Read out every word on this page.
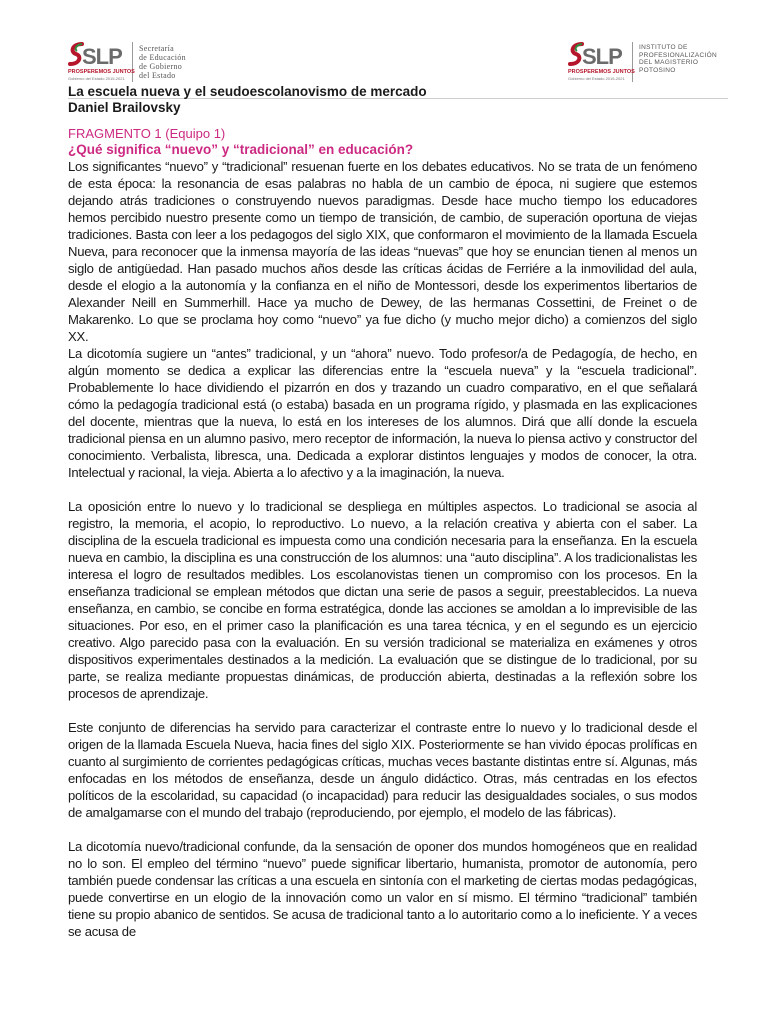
SLP
PROSPEREMOS JUNTOS
Gobierno del Estado 2015-2021
Secretaría
de Educación
de Gobierno
del Estado
SLP
PROSPEREMOS JUNTOS
Gobierno del Estado 2015-2021
INSTITUTO DE
PROFESIONALIZACIÓN
DEL MAGISTERIO
POTOSINO
La escuela nueva y el seudoescolanovismo de mercado
Daniel Brailovsky
FRAGMENTO 1 (Equipo 1)
¿Qué significa “nuevo” y “tradicional” en educación?

Los significantes “nuevo” y “tradicional” resuenan fuerte en los debates educativos. No se trata de un fenómeno de esta época: la resonancia de esas palabras no habla de un cambio de época, ni sugiere que estemos dejando atrás tradiciones o construyendo nuevos paradigmas. Desde hace mucho tiempo los educadores hemos percibido nuestro presente como un tiempo de transición, de cambio, de superación oportuna de viejas tradiciones. Basta con leer a los pedagogos del siglo XIX, que conformaron el movimiento de la llamada Escuela Nueva, para reconocer que la inmensa mayoría de las ideas “nuevas” que hoy se enuncian tienen al menos un siglo de antigüedad. Han pasado muchos años desde las críticas ácidas de Ferriére a la inmovilidad del aula, desde el elogio a la autonomía y la confianza en el niño de Montessori, desde los experimentos libertarios de Alexander Neill en Summerhill. Hace ya mucho de Dewey, de las hermanas Cossettini, de Freinet o de Makarenko. Lo que se proclama hoy como “nuevo” ya fue dicho (y mucho mejor dicho) a comienzos del siglo XX.

La dicotomía sugiere un “antes” tradicional, y un “ahora” nuevo. Todo profesor/a de Pedagogía, de hecho, en algún momento se dedica a explicar las diferencias entre la “escuela nueva” y la “escuela tradicional”. Probablemente lo hace dividiendo el pizarrón en dos y trazando un cuadro comparativo, en el que señalará cómo la pedagogía tradicional está (o estaba) basada en un programa rígido, y plasmada en las explicaciones del docente, mientras que la nueva, lo está en los intereses de los alumnos. Dirá que allí donde la escuela tradicional piensa en un alumno pasivo, mero receptor de información, la nueva lo piensa activo y constructor del conocimiento. Verbalista, libresca, una. Dedicada a explorar distintos lenguajes y modos de conocer, la otra. Intelectual y racional, la vieja. Abierta a lo afectivo y a la imaginación, la nueva.

La oposición entre lo nuevo y lo tradicional se despliega en múltiples aspectos. Lo tradicional se asocia al registro, la memoria, el acopio, lo reproductivo. Lo nuevo, a la relación creativa y abierta con el saber. La disciplina de la escuela tradicional es impuesta como una condición necesaria para la enseñanza. En la escuela nueva en cambio, la disciplina es una construcción de los alumnos: una “auto disciplina”. A los tradicionalistas les interesa el logro de resultados medibles. Los escolanovistas tienen un compromiso con los procesos. En la enseñanza tradicional se emplean métodos que dictan una serie de pasos a seguir, preestablecidos. La nueva enseñanza, en cambio, se concibe en forma estratégica, donde las acciones se amoldan a lo imprevisible de las situaciones. Por eso, en el primer caso la planificación es una tarea técnica, y en el segundo es un ejercicio creativo. Algo parecido pasa con la evaluación. En su versión tradicional se materializa en exámenes y otros dispositivos experimentales destinados a la medición. La evaluación que se distingue de lo tradicional, por su parte, se realiza mediante propuestas dinámicas, de producción abierta, destinadas a la reflexión sobre los procesos de aprendizaje.

Este conjunto de diferencias ha servido para caracterizar el contraste entre lo nuevo y lo tradicional desde el origen de la llamada Escuela Nueva, hacia fines del siglo XIX. Posteriormente se han vivido épocas prolíficas en cuanto al surgimiento de corrientes pedagógicas críticas, muchas veces bastante distintas entre sí. Algunas, más enfocadas en los métodos de enseñanza, desde un ángulo didáctico. Otras, más centradas en los efectos políticos de la escolaridad, su capacidad (o incapacidad) para reducir las desigualdades sociales, o sus modos de amalgamarse con el mundo del trabajo (reproduciendo, por ejemplo, el modelo de las fábricas).

La dicotomía nuevo/tradicional confunde, da la sensación de oponer dos mundos homogéneos que en realidad no lo son. El empleo del término “nuevo” puede significar libertario, humanista, promotor de autonomía, pero también puede condensar las críticas a una escuela en sintonía con el marketing de ciertas modas pedagógicas, puede convertirse en un elogio de la innovación como un valor en sí mismo. El término “tradicional” también tiene su propio abanico de sentidos. Se acusa de tradicional tanto a lo autoritario como a lo ineficiente. Y a veces se acusa de
